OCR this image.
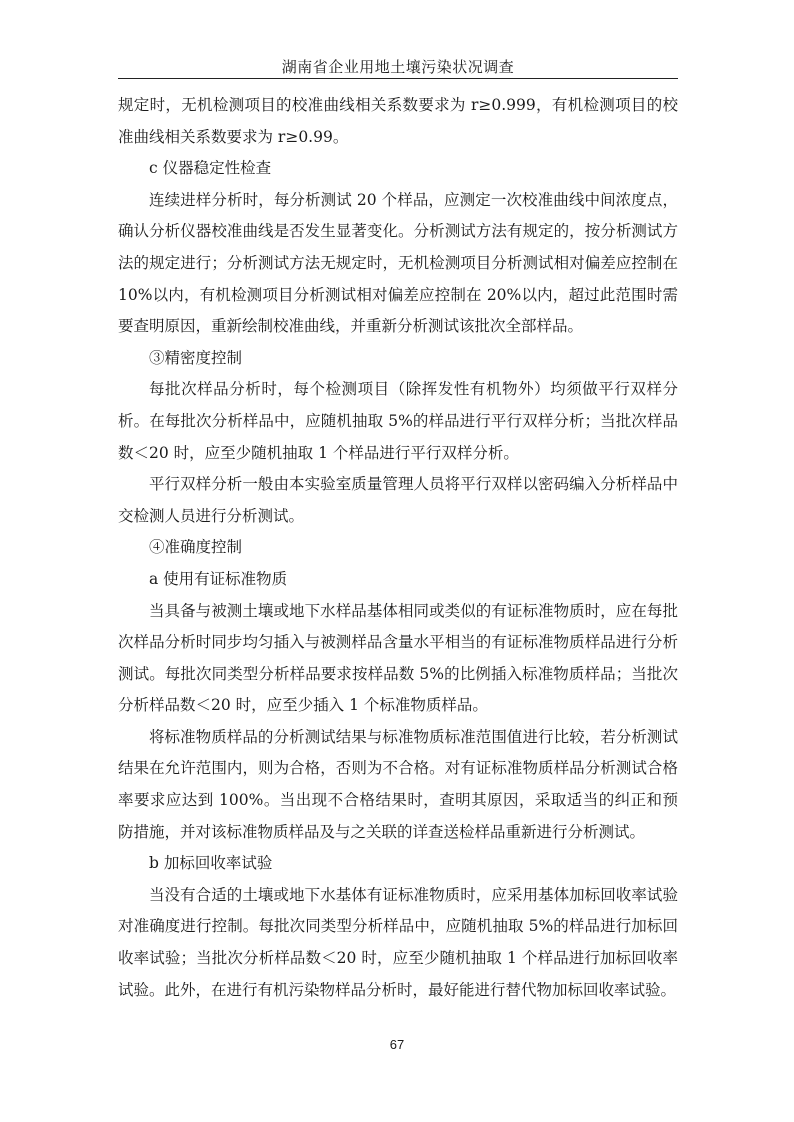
湖南省企业用地土壤污染状况调查

规定时，无机检测项目的校准曲线相关系数要求为 r≥0.999，有机检测项目的校准曲线相关系数要求为 r≥0.99。

c 仪器稳定性检查

连续进样分析时，每分析测试 20 个样品，应测定一次校准曲线中间浓度点，确认分析仪器校准曲线是否发生显著变化。分析测试方法有规定的，按分析测试方法的规定进行；分析测试方法无规定时，无机检测项目分析测试相对偏差应控制在 10%以内，有机检测项目分析测试相对偏差应控制在 20%以内，超过此范围时需要查明原因，重新绘制校准曲线，并重新分析测试该批次全部样品。

③精密度控制

每批次样品分析时，每个检测项目（除挥发性有机物外）均须做平行双样分析。在每批次分析样品中，应随机抽取 5%的样品进行平行双样分析；当批次样品数＜20 时，应至少随机抽取 1 个样品进行平行双样分析。

平行双样分析一般由本实验室质量管理人员将平行双样以密码编入分析样品中交检测人员进行分析测试。

④准确度控制

a 使用有证标准物质

当具备与被测土壤或地下水样品基体相同或类似的有证标准物质时，应在每批次样品分析时同步均匀插入与被测样品含量水平相当的有证标准物质样品进行分析测试。每批次同类型分析样品要求按样品数 5%的比例插入标准物质样品；当批次分析样品数＜20 时，应至少插入 1 个标准物质样品。

将标准物质样品的分析测试结果与标准物质标准范围值进行比较，若分析测试结果在允许范围内，则为合格，否则为不合格。对有证标准物质样品分析测试合格率要求应达到 100%。当出现不合格结果时，查明其原因，采取适当的纠正和预防措施，并对该标准物质样品及与之关联的详查送检样品重新进行分析测试。

b 加标回收率试验

当没有合适的土壤或地下水基体有证标准物质时，应采用基体加标回收率试验对准确度进行控制。每批次同类型分析样品中，应随机抽取 5%的样品进行加标回收率试验；当批次分析样品数＜20 时，应至少随机抽取 1 个样品进行加标回收率试验。此外，在进行有机污染物样品分析时，最好能进行替代物加标回收率试验。

67
